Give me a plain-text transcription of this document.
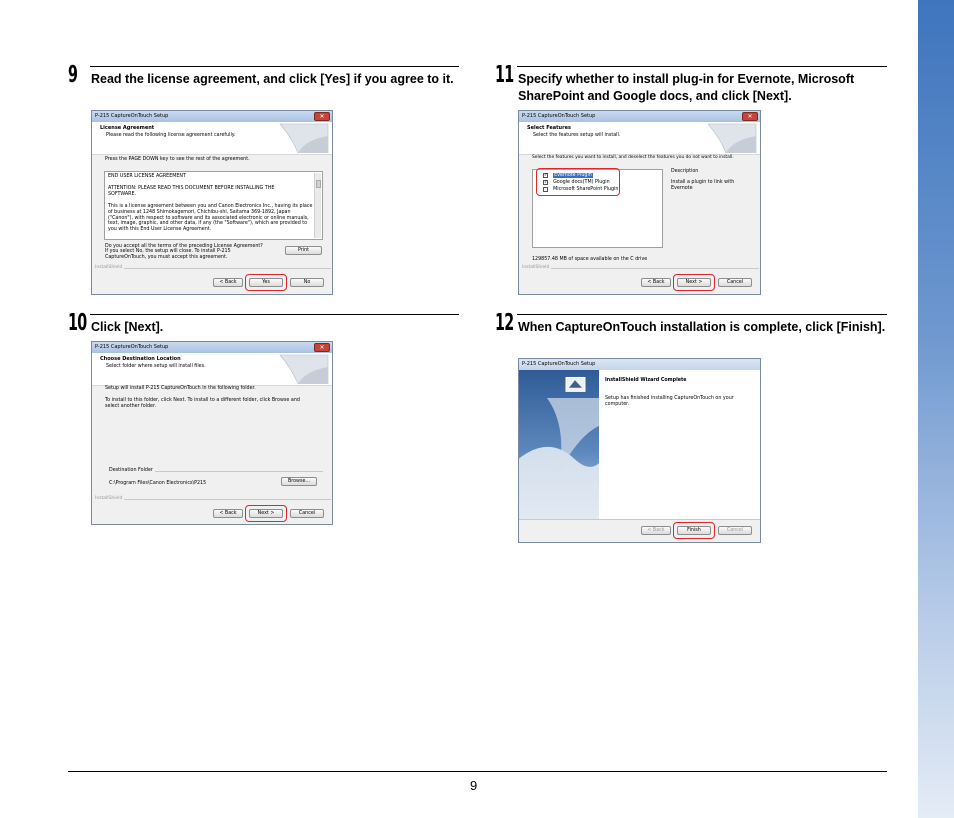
9 Read the license agreement, and click [Yes] if you agree to it.
P-215 CaptureOnTouch Setup	✕
License Agreement
Please read the following license agreement carefully.
Press the PAGE DOWN key to see the rest of the agreement.
END USER LICENSE AGREEMENT
ATTENTION: PLEASE READ THIS DOCUMENT BEFORE INSTALLING THE SOFTWARE.
This is a license agreement between you and Canon Electronics Inc., having its place of business at 1248 Shimokagemori, Chichibu-shi, Saitama 369-1892, Japan ("Canon"), with respect to software and its associated electronic or online manuals, text, image, graphic, and other data, if any (the "Software"), which are provided to you with this End User License Agreement.
Do you accept all the terms of the preceding License Agreement? If you select No, the setup will close. To install P-215 CaptureOnTouch, you must accept this agreement.
Print
InstallShield
< Back	Yes	No
10 Click [Next].
P-215 CaptureOnTouch Setup	✕
Choose Destination Location
Select folder where setup will install files.
Setup will install P-215 CaptureOnTouch in the following folder.
To install to this folder, click Next. To install to a different folder, click Browse and select another folder.
Destination Folder
C:\Program Files\Canon Electronics\P215	Browse...
InstallShield
< Back	Next >	Cancel
11 Specify whether to install plug-in for Evernote, Microsoft SharePoint and Google docs, and click [Next].
P-215 CaptureOnTouch Setup	✕
Select Features
Select the features setup will install.
Select the features you want to install, and deselect the features you do not want to install.
✓ $^{Evernote Plugin}$
✓ $^{Google docs(TM) Plugin}$
$^{Microsoft SharePoint Plugin}$
Description
Install a plugin to link with Evernote
129857.48 MB of space available on the C drive
InstallShield
< Back	Next >	Cancel
12 When CaptureOnTouch installation is complete, click [Finish].
P-215 CaptureOnTouch Setup
InstallShield Wizard Complete
Setup has finished installing CaptureOnTouch on your computer.
< Back	Finish	Cancel
9
